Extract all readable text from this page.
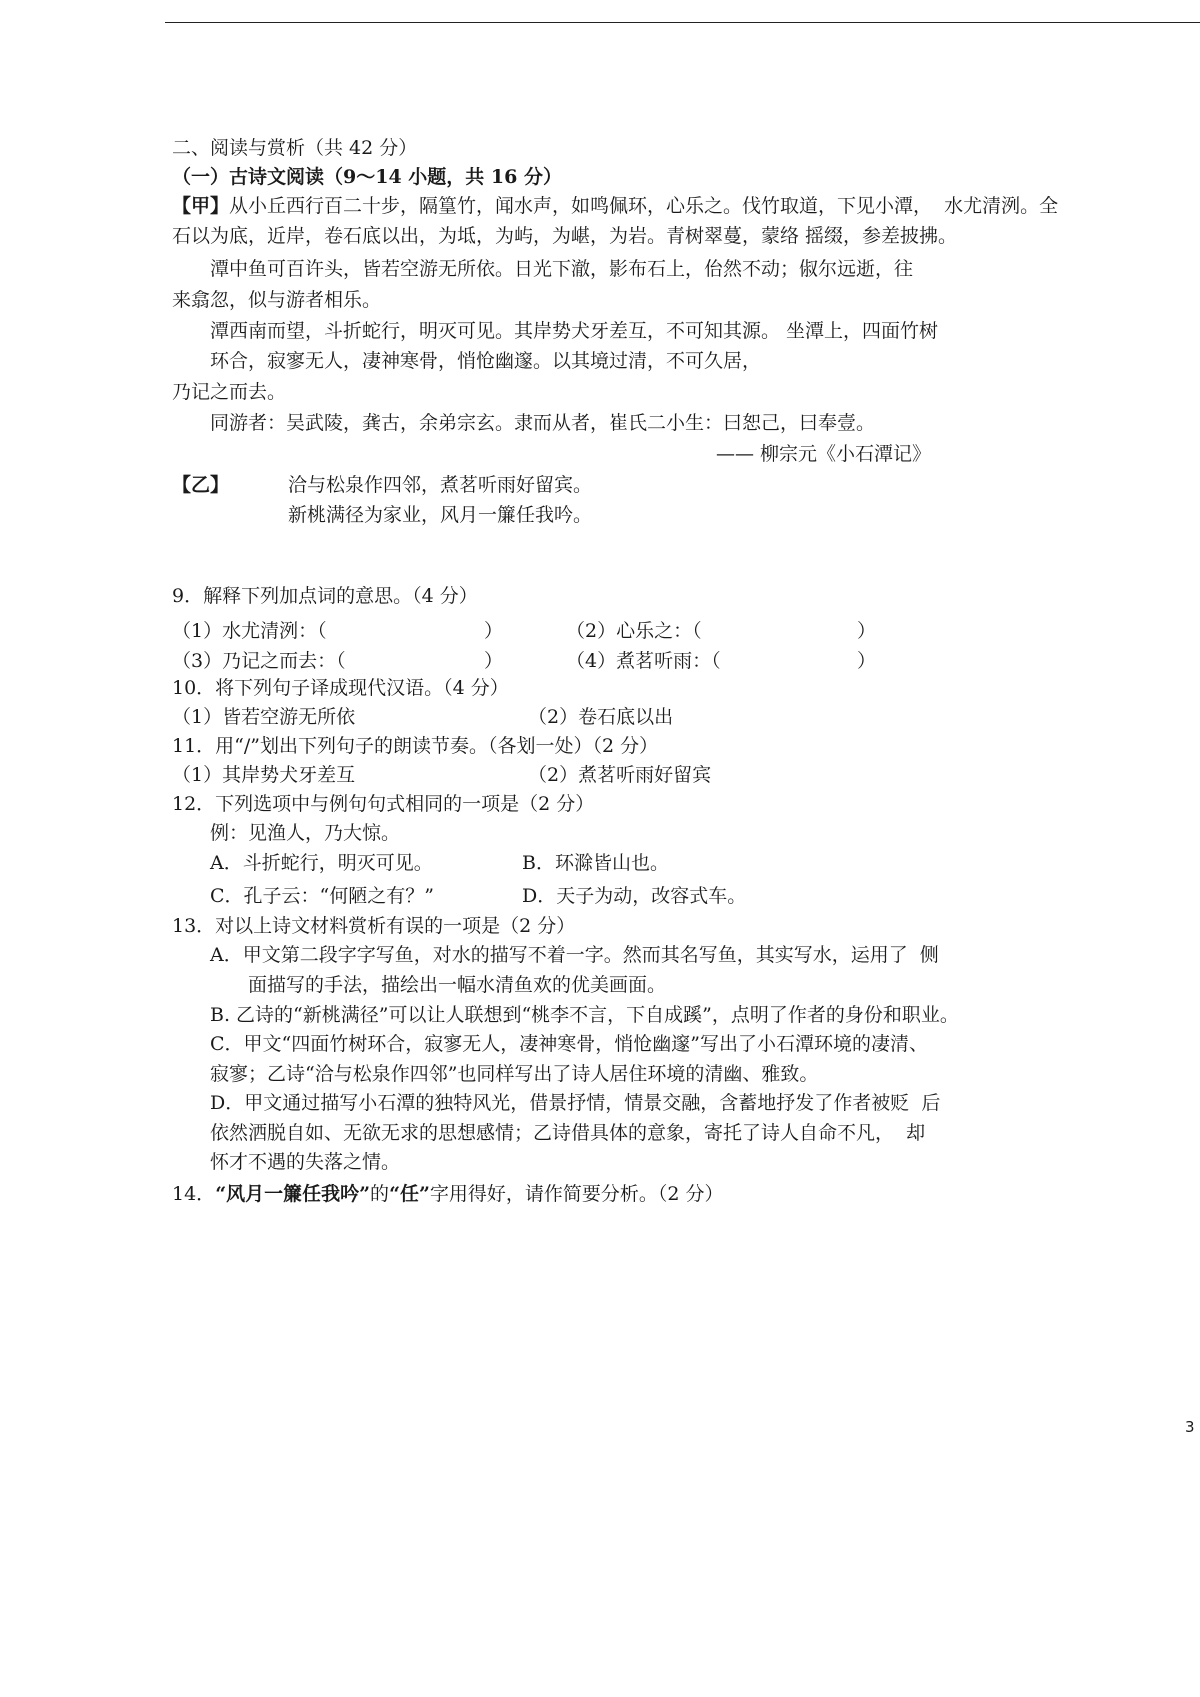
二、阅读与赏析（共 42 分）
（一）古诗文阅读（9～14 小题，共 16 分）
【甲】从小丘西行百二十步，隔篁竹，闻水声，如鸣佩环，心乐之。伐竹取道，下见小潭，  水尤清洌。全
石以为底，近岸，卷石底以出，为坻，为屿，为嵁，为岩。青树翠蔓，蒙络 摇缀，参差披拂。
潭中鱼可百许头，皆若空游无所依。日光下澈，影布石上，佁然不动；俶尔远逝，往
来翕忽，似与游者相乐。
潭西南而望，斗折蛇行，明灭可见。其岸势犬牙差互，不可知其源。 坐潭上，四面竹树
环合，寂寥无人，凄神寒骨，悄怆幽邃。以其境过清，不可久居，
乃记之而去。
同游者：吴武陵，龚古，余弟宗玄。隶而从者，崔氏二小生：曰恕己，曰奉壹。
—— 柳宗元《小石潭记》
【乙】	洽与松泉作四邻，煮茗听雨好留宾。
新桃满径为家业，风月一簾任我吟。
9．解释下列加点词的意思。（4 分）
（1）水尤清洌：（	）	（2）心乐之：（	）
（3）乃记之而去：（	）	（4）煮茗听雨：（	）
10．将下列句子译成现代汉语。（4 分）
（1）皆若空游无所依	（2）卷石底以出
11．用“/”划出下列句子的朗读节奏。（各划一处）（2 分）
（1）其岸势犬牙差互	（2）煮茗听雨好留宾
12．下列选项中与例句句式相同的一项是（2 分）
例：见渔人，乃大惊。
A．斗折蛇行，明灭可见。	B．环滁皆山也。
C．孔子云：“何陋之有？”	D．天子为动，改容式车。
13．对以上诗文材料赏析有误的一项是（2 分）
A．甲文第二段字字写鱼，对水的描写不着一字。然而其名写鱼，其实写水，运用了  侧
面描写的手法，描绘出一幅水清鱼欢的优美画面。
B. 乙诗的“新桃满径”可以让人联想到“桃李不言，下自成蹊”，点明了作者的身份和职业。
C．甲文“四面竹树环合，寂寥无人，凄神寒骨，悄怆幽邃”写出了小石潭环境的凄清、
寂寥；乙诗“洽与松泉作四邻”也同样写出了诗人居住环境的清幽、雅致。
D．甲文通过描写小石潭的独特风光，借景抒情，情景交融，含蓄地抒发了作者被贬  后
依然洒脱自如、无欲无求的思想感情；乙诗借具体的意象，寄托了诗人自命不凡，  却
怀才不遇的失落之情。
14．“风月一簾任我吟”的“任”字用得好，请作简要分析。（2 分）
3
